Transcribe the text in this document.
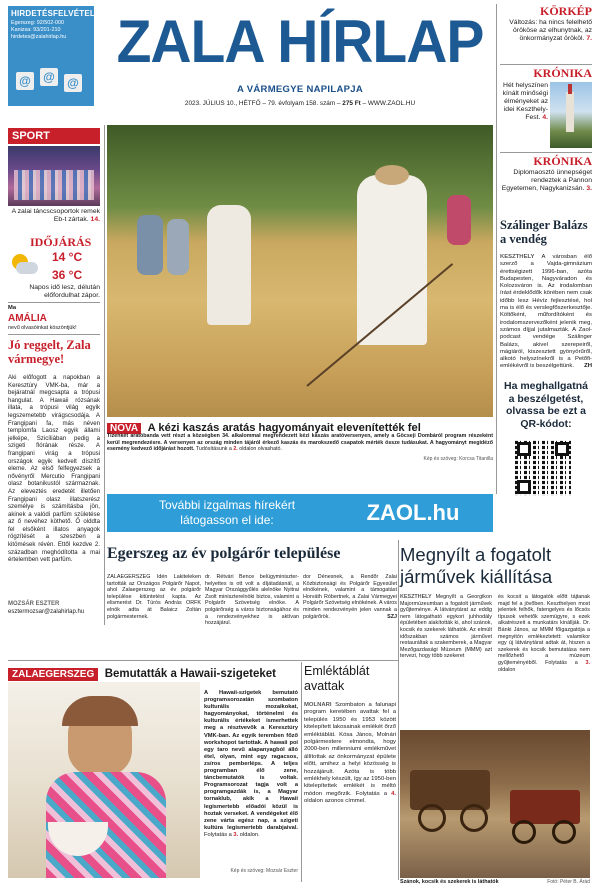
HIRDETÉSFELVÉTEL
Egerszeg: 92/502-000
Kanizsa: 93/201-210
hirdetes@zalahirlap.hu
@ @ @
ZALA HÍRLAP
A VÁRMEGYE NAPILAPJA
2023. JÚLIUS 10., HÉTFŐ – 79. évfolyam 158. szám – 275 Ft – WWW.ZAOL.HU
KÖRKÉP
Változás: ha nincs felelhető örököse az elhunytnak, az önkormányzat örököl. 7.
KRÓNIKA
Hét helyszínen kínált minőségi élményeket az idei Keszthely-Fest. 4.
KRÓNIKA
Diplomaosztó ünnepséget rendeztek a Pannon Egyetemen, Nagykanizsán. 3.
SPORT
A zalai táncscsoportok remek Eb-t zártak. 14.
IDŐJÁRÁS
14 °C
36 °C
Napos idő lesz, délután előfordulhat zápor.
Ma
AMÁLIA
nevű olvasóinkat köszöntjük!
Jó reggelt, Zala vármegye!
Aki előfogott a napokban a Keresztúry VMK-ba, már a bejáratnál megcsapta a trópusi hangulat. A Hawaii rózsának illata, a trópusi világ egyik legszemetebb virágscsodája. A Frangipani fa, más néven templomfa Laosz egyik állami jelképe, Szicíliában pedig a szigeti flórának része. A frangipani virág a trópusi országok egyik kedvelt díszítő eleme. Az első felfegyezsek a nővényről Mercutio Frangipani olasz botanikustól származnak. Az eleveztés eredetét illetően Frangipani olasz illatszerész személye is számításba jön, akinek a valódi parfüm születése az ő nevéhez köthető. Ő olddta fel elsőként illatos anyagok rögzítését a szeszben a kitömések révén. Ettől kezdve 2. században meghódította a mai értelemben vett parfüm.
MOZSÁR ESZTER
esztermozsar@zalahirlap.hu
NOVA A kézi kaszás aratás hagyományait elevenítették fel
Tizenkét aratóbanda vett részt a községben 34. alkalommal megrendezett kézi kaszás aratóversenyen, amely a Göcseji Dombáról program részeként kerül megrendezésre. A versenyen az ország minden tájáról érkező kaszás és marokszedő csapatok mérték össze tudásukat. A hagyományt megidéző esemény kedvező időjárást hozott. Tudósításunk a 2. oldalon olvasható.
Kép és szöveg: Korcsa Titanilla
Szálinger Balázs a vendég
KESZTHELY A városban élő szerző a Vajda-gimnázium érettségizett 1996-ban, azóta Budapesten, Nagyváradon és Kolozsváron is. Az irodalomban írást érdeklődők körében nem csak időbb lesz Hévíz fejlesztésé, hol ma is élő és verslegfőszerkesztője. Költőként, műfordítóként és irodalomszervezőként jelenik meg, számos díjjal jutalmazták. A Zaol-podcast vendége Szálinger Balázs, akivel szerepeiről, mágiáról, kiszesztett gyönyörűről, alkotó helyszínekről is a Petőfi-emlékévről is beszélgettünk. ZH
Ha meghallgatná a beszélgetést, olvassa be ezt a QR-kódot:
További izgalmas hírekért
látogasson el ide:	ZAOL.hu
Egerszeg az év polgárőr települése
ZALAEGERSZEG Idén Lakiteleken tartották az Országos Polgárőr Napot, ahol Zalaegerszeg az év polgárőr települése kitüntetést kapta. Az elismerést Dr. Túrós András ORFK elnök adta át Balaicz Zoltán polgármesternek.
dr. Rétvári Bence belügyminiszter-helyettes is ott volt a díjátadásnál, a Magyar Országgyűlés alelnöke Nyitrai Zsolt miniszterelnöki biztos, valamint a Polgárőr Szövetség elnöke. A polgárőrség a város biztonságához és a rendezvényekhez is aktívan hozzájárul.
dor Dénesnek, a Rendőr Zalai Közbiztonsági és Polgárőr Egyesület elnökének, valamint a támogatást Horváth Róbertnek, a Zalai Vármegyei Polgárőr Szövetség elnökének. A város minden rendezvényén jelen vannak a polgárőrök.	SZJ
Megnyílt a fogatolt járművek kiállítása
KESZTHELY Megnyílt a Georgikon Majormúzeumban a fogatolt járművek gyűjteménye. A látványtárat az eddig nem látogatható egykori juhhodály épületében alakították ki, ahol szánok, kocsik és szekerek láthatók. Az elmúlt időszakban számos járművet restauráltak a szakemberek, a Magyar Mezőgazdasági Múzeum (MMM) azt tervezi, hogy több szekeret
és kocsit a látogatók előtt tájtanak majd fel a jövőben. Keszthelyen most jelentek felhők, fatengelyes és lőcsös típusok vehetők szemügyre, s ezek alkatrészeit a munkatárs kinállják. Dr. Bánki János, az MMM főigazgatója a megnyitón emlékeztetett: valamikor egy új látványtárat adtak át, hiszen a szekerek és kocsik bemutatása nem mellőzhető a múzeum gyűjteményéből. Folytatás a 3. oldalon
Szánok, kocsik és szekerek is láthatók	Fotó: Péter B. Árád
ZALAEGERSZEG Bemutatták a Hawaii-szigeteket
A Hawaii-szigetek bemutató programsorozatán szombaton kulturális mozaikokat, hagyományokat, történelmi és kulturális értékeket ismerhettek meg a résztvevők a Keresztúry VMK-ban. Az egyik teremben főző workshopot tartottak. A hawaii poi egy taro nevű alapanyagból álló étel, olyan, mint egy ragacsos, zsíros pemberléps. A teljes programban élő zene, táncbemutatók is voltak. Programsorozat tagja volt a programgazdák is, a Magyar tornaklub, akik a Hawaii legismertebb előadói közül is hoztak verseket. A vendégeket élő zene várta egész nap, a szigeti kultúra legismertebb darabjaival. Folytatás a 3. oldalon.
Kép és szöveg: Mozsár Eszter
Emléktáblát avattak
MOLNÁRI Szombaton a falunapi program keretében avattak fel a település 1950 és 1953 között kitelepített lakosainak emlékét őrző emléktáblát. Kósa János, Molnári polgármestere elmondta, hogy 2000-ben millenniumi emlékművet állítottak az önkormányzat épülete előtt, amihez a helyi közösség is hozzájárult. Azóta is több emlékhely készült, így az 1950-ben kitelepítettek emlékét is méltó módon megőrzik. Folytatás a 4. oldalon azonos címmel.
